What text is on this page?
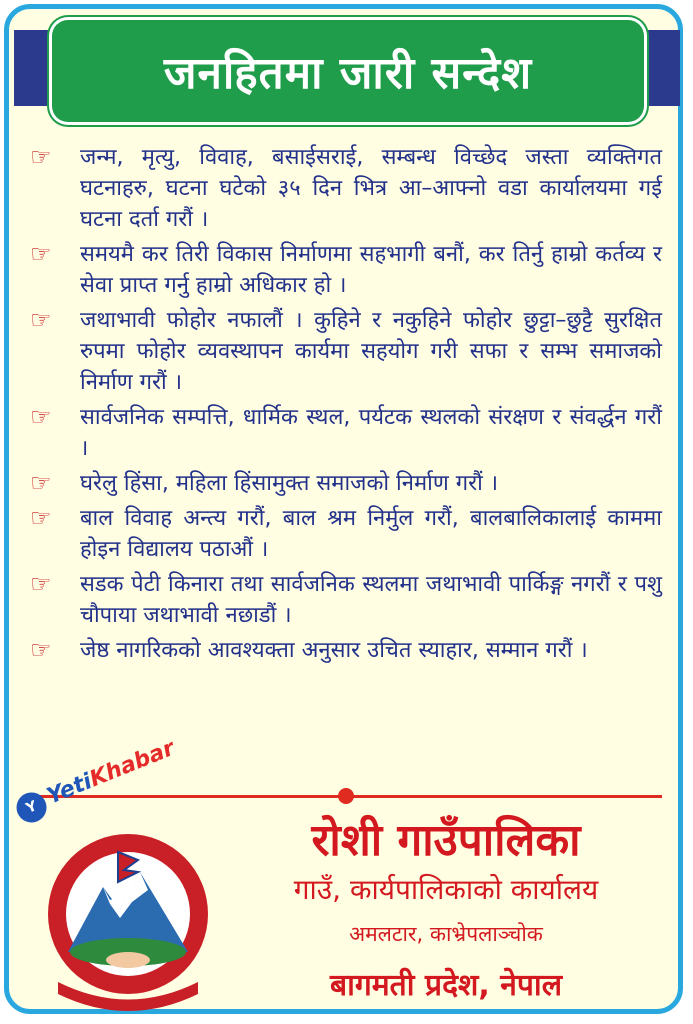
जनहितमा जारी सन्देश
☞ जन्म, मृत्यु, विवाह, बसाईसराई, सम्बन्ध विच्छेद जस्ता व्यक्तिगत घटनाहरु, घटना घटेको ३५ दिन भित्र आ–आफ्नो वडा कार्यालयमा गई घटना दर्ता गरौं ।
☞ समयमै कर तिरी विकास निर्माणमा सहभागी बनौं, कर तिर्नु हाम्रो कर्तव्य र सेवा प्राप्त गर्नु हाम्रो अधिकार हो ।
☞ जथाभावी फोहोर नफालौं । कुहिने र नकुहिने फोहोर छुट्टा–छुट्टै सुरक्षित रुपमा फोहोर व्यवस्थापन कार्यमा सहयोग गरी सफा र सम्भ समाजको निर्माण गरौं ।
☞ सार्वजनिक सम्पत्ति, धार्मिक स्थल, पर्यटक स्थलको संरक्षण र संवर्द्धन गरौं ।
☞ घरेलु हिंसा, महिला हिंसामुक्त समाजको निर्माण गरौं ।
☞ बाल विवाह अन्त्य गरौं, बाल श्रम निर्मुल गरौं, बालबालिकालाई काममा होइन विद्यालय पठाऔं ।
☞ सडक पेटी किनारा तथा सार्वजनिक स्थलमा जथाभावी पार्किङ्ग नगरौं र पशु चौपाया जथाभावी नछाडौं ।
☞ जेष्ठ नागरिकको आवश्यक्ता अनुसार उचित स्याहार, सम्मान गरौं ।
Y YetiKhabar
रोशी गाउँपालिका
गाउँ, कार्यपालिकाको कार्यालय
अमलटार, काभ्रेपलाञ्चोक
बागमती प्रदेश, नेपाल
